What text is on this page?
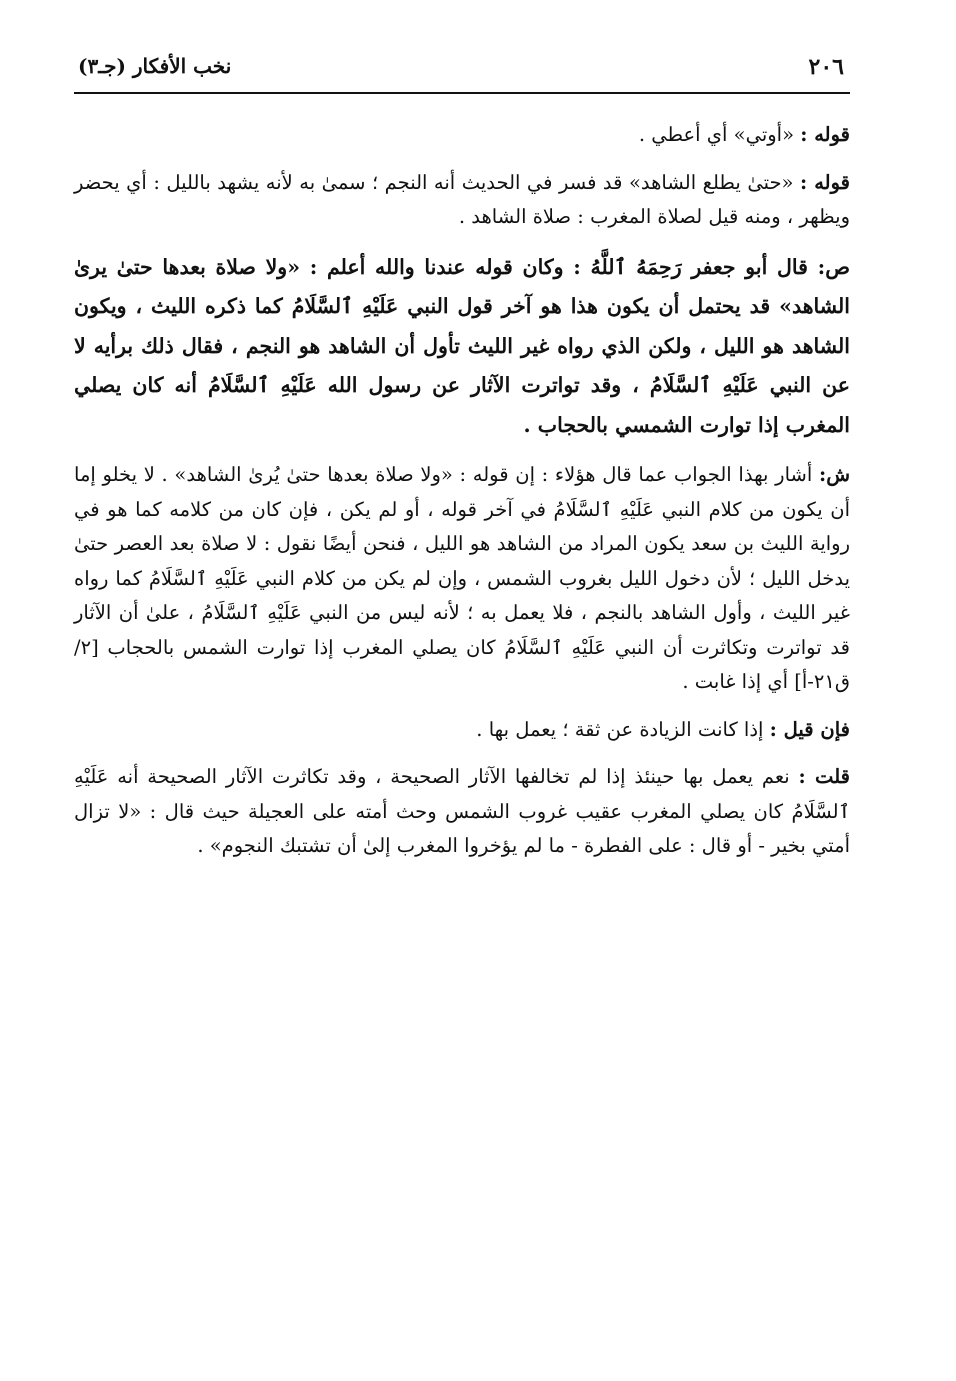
٢٠٦
نخب الأفكار (جـ٣)

قوله : «أوتي» أي أعطي .

قوله : «حتىٰ يطلع الشاهد» قد فسر في الحديث أنه النجم ؛ سمىٰ به لأنه يشهد بالليل : أي يحضر ويظهر ، ومنه قيل لصلاة المغرب : صلاة الشاهد .

ص: قال أبو جعفر رَحِمَهُ ٱللَّهُ : وكان قوله عندنا والله أعلم : «ولا صلاة بعدها حتىٰ يرىٰ الشاهد» قد يحتمل أن يكون هذا هو آخر قول النبي عَلَيْهِ ٱلسَّلَامُ كما ذكره الليث ، ويكون الشاهد هو الليل ، ولكن الذي رواه غير الليث تأول أن الشاهد هو النجم ، فقال ذلك برأيه لا عن النبي عَلَيْهِ ٱلسَّلَامُ ، وقد تواترت الآثار عن رسول الله عَلَيْهِ ٱلسَّلَامُ أنه كان يصلي المغرب إذا توارت الشمسي بالحجاب .

ش: أشار بهذا الجواب عما قال هؤلاء : إن قوله : «ولا صلاة بعدها حتىٰ يُرىٰ الشاهد» . لا يخلو إما أن يكون من كلام النبي عَلَيْهِ ٱلسَّلَامُ في آخر قوله ، أو لم يكن ، فإن كان من كلامه كما هو في رواية الليث بن سعد يكون المراد من الشاهد هو الليل ، فنحن أيضًا نقول : لا صلاة بعد العصر حتىٰ يدخل الليل ؛ لأن دخول الليل بغروب الشمس ، وإن لم يكن من كلام النبي عَلَيْهِ ٱلسَّلَامُ كما رواه غير الليث ، وأول الشاهد بالنجم ، فلا يعمل به ؛ لأنه ليس من النبي عَلَيْهِ ٱلسَّلَامُ ، علىٰ أن الآثار قد تواترت وتكاثرت أن النبي عَلَيْهِ ٱلسَّلَامُ كان يصلي المغرب إذا توارت الشمس بالحجاب [٢/ ق٢١-أ] أي إذا غابت .

فإن قيل : إذا كانت الزيادة عن ثقة ؛ يعمل بها .

قلت : نعم يعمل بها حينئذ إذا لم تخالفها الآثار الصحيحة ، وقد تكاثرت الآثار الصحيحة أنه عَلَيْهِ ٱلسَّلَامُ كان يصلي المغرب عقيب غروب الشمس وحث أمته على العجيلة حيث قال : «لا تزال أمتي بخير - أو قال : على الفطرة - ما لم يؤخروا المغرب إلىٰ أن تشتبك النجوم» .
